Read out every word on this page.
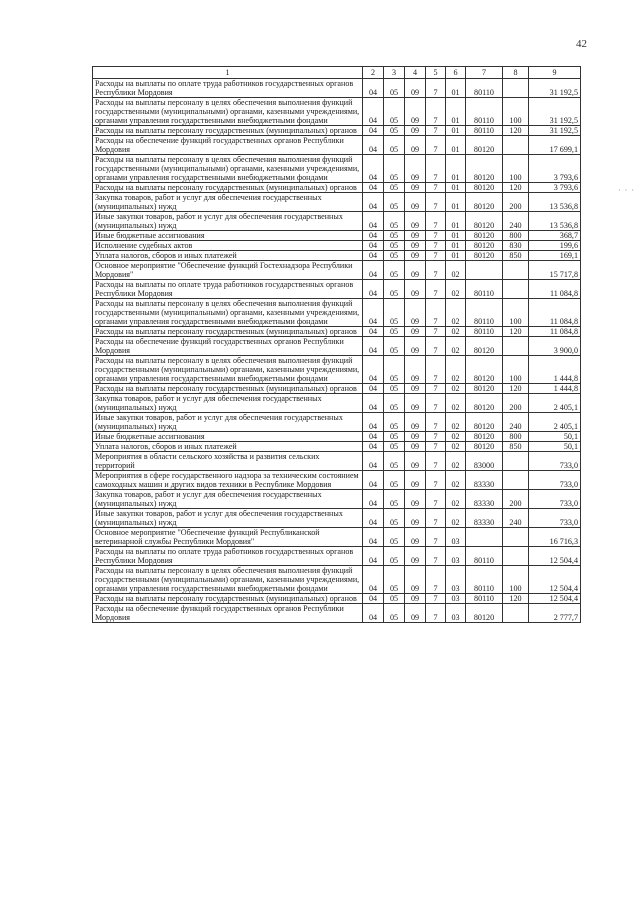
42
· · ·
1	2	3	4	5	6	7	8	9
Расходы на выплаты по оплате труда работников государственных органов Республики Мордовия	04	05	09	7	01	80110		31 192,5
Расходы на выплаты персоналу в целях обеспечения выполнения функций государственными (муниципальными) органами, казенными учреждениями, органами управления государственными внебюджетными фондами	04	05	09	7	01	80110	100	31 192,5
Расходы на выплаты персоналу государственных (муниципальных) органов	04	05	09	7	01	80110	120	31 192,5
Расходы на обеспечение функций государственных органов Республики Мордовия	04	05	09	7	01	80120		17 699,1
Расходы на выплаты персоналу в целях обеспечения выполнения функций государственными (муниципальными) органами, казенными учреждениями, органами управления государственными внебюджетными фондами	04	05	09	7	01	80120	100	3 793,6
Расходы на выплаты персоналу государственных (муниципальных) органов	04	05	09	7	01	80120	120	3 793,6
Закупка товаров, работ и услуг для обеспечения государственных (муниципальных) нужд	04	05	09	7	01	80120	200	13 536,8
Иные закупки товаров, работ и услуг для обеспечения государственных (муниципальных) нужд	04	05	09	7	01	80120	240	13 536,8
Иные бюджетные ассигнования	04	05	09	7	01	80120	800	368,7
Исполнение судебных актов	04	05	09	7	01	80120	830	199,6
Уплата налогов, сборов и иных платежей	04	05	09	7	01	80120	850	169,1
Основное мероприятие "Обеспечение функций Гостехнадзора Республики Мордовия"	04	05	09	7	02			15 717,8
Расходы на выплаты по оплате труда работников государственных органов Республики Мордовия	04	05	09	7	02	80110		11 084,8
Расходы на выплаты персоналу в целях обеспечения выполнения функций государственными (муниципальными) органами, казенными учреждениями, органами управления государственными внебюджетными фондами	04	05	09	7	02	80110	100	11 084,8
Расходы на выплаты персоналу государственных (муниципальных) органов	04	05	09	7	02	80110	120	11 084,8
Расходы на обеспечение функций государственных органов Республики Мордовия	04	05	09	7	02	80120		3 900,0
Расходы на выплаты персоналу в целях обеспечения выполнения функций государственными (муниципальными) органами, казенными учреждениями, органами управления государственными внебюджетными фондами	04	05	09	7	02	80120	100	1 444,8
Расходы на выплаты персоналу государственных (муниципальных) органов	04	05	09	7	02	80120	120	1 444,8
Закупка товаров, работ и услуг для обеспечения государственных (муниципальных) нужд	04	05	09	7	02	80120	200	2 405,1
Иные закупки товаров, работ и услуг для обеспечения государственных (муниципальных) нужд	04	05	09	7	02	80120	240	2 405,1
Иные бюджетные ассигнования	04	05	09	7	02	80120	800	50,1
Уплата налогов, сборов и иных платежей	04	05	09	7	02	80120	850	50,1
Мероприятия в области сельского хозяйства и развития сельских территорий	04	05	09	7	02	83000		733,0
Мероприятия в сфере государственного надзора за техническим состоянием самоходных машин и других видов техники в Республике Мордовия	04	05	09	7	02	83330		733,0
Закупка товаров, работ и услуг для обеспечения государственных (муниципальных) нужд	04	05	09	7	02	83330	200	733,0
Иные закупки товаров, работ и услуг для обеспечения государственных (муниципальных) нужд	04	05	09	7	02	83330	240	733,0
Основное мероприятие "Обеспечение функций Республиканской ветеринарной службы Республики Мордовия"	04	05	09	7	03			16 716,3
Расходы на выплаты по оплате труда работников государственных органов Республики Мордовия	04	05	09	7	03	80110		12 504,4
Расходы на выплаты персоналу в целях обеспечения выполнения функций государственными (муниципальными) органами, казенными учреждениями, органами управления государственными внебюджетными фондами	04	05	09	7	03	80110	100	12 504,4
Расходы на выплаты персоналу государственных (муниципальных) органов	04	05	09	7	03	80110	120	12 504,4
Расходы на обеспечение функций государственных органов Республики Мордовия	04	05	09	7	03	80120		2 777,7
